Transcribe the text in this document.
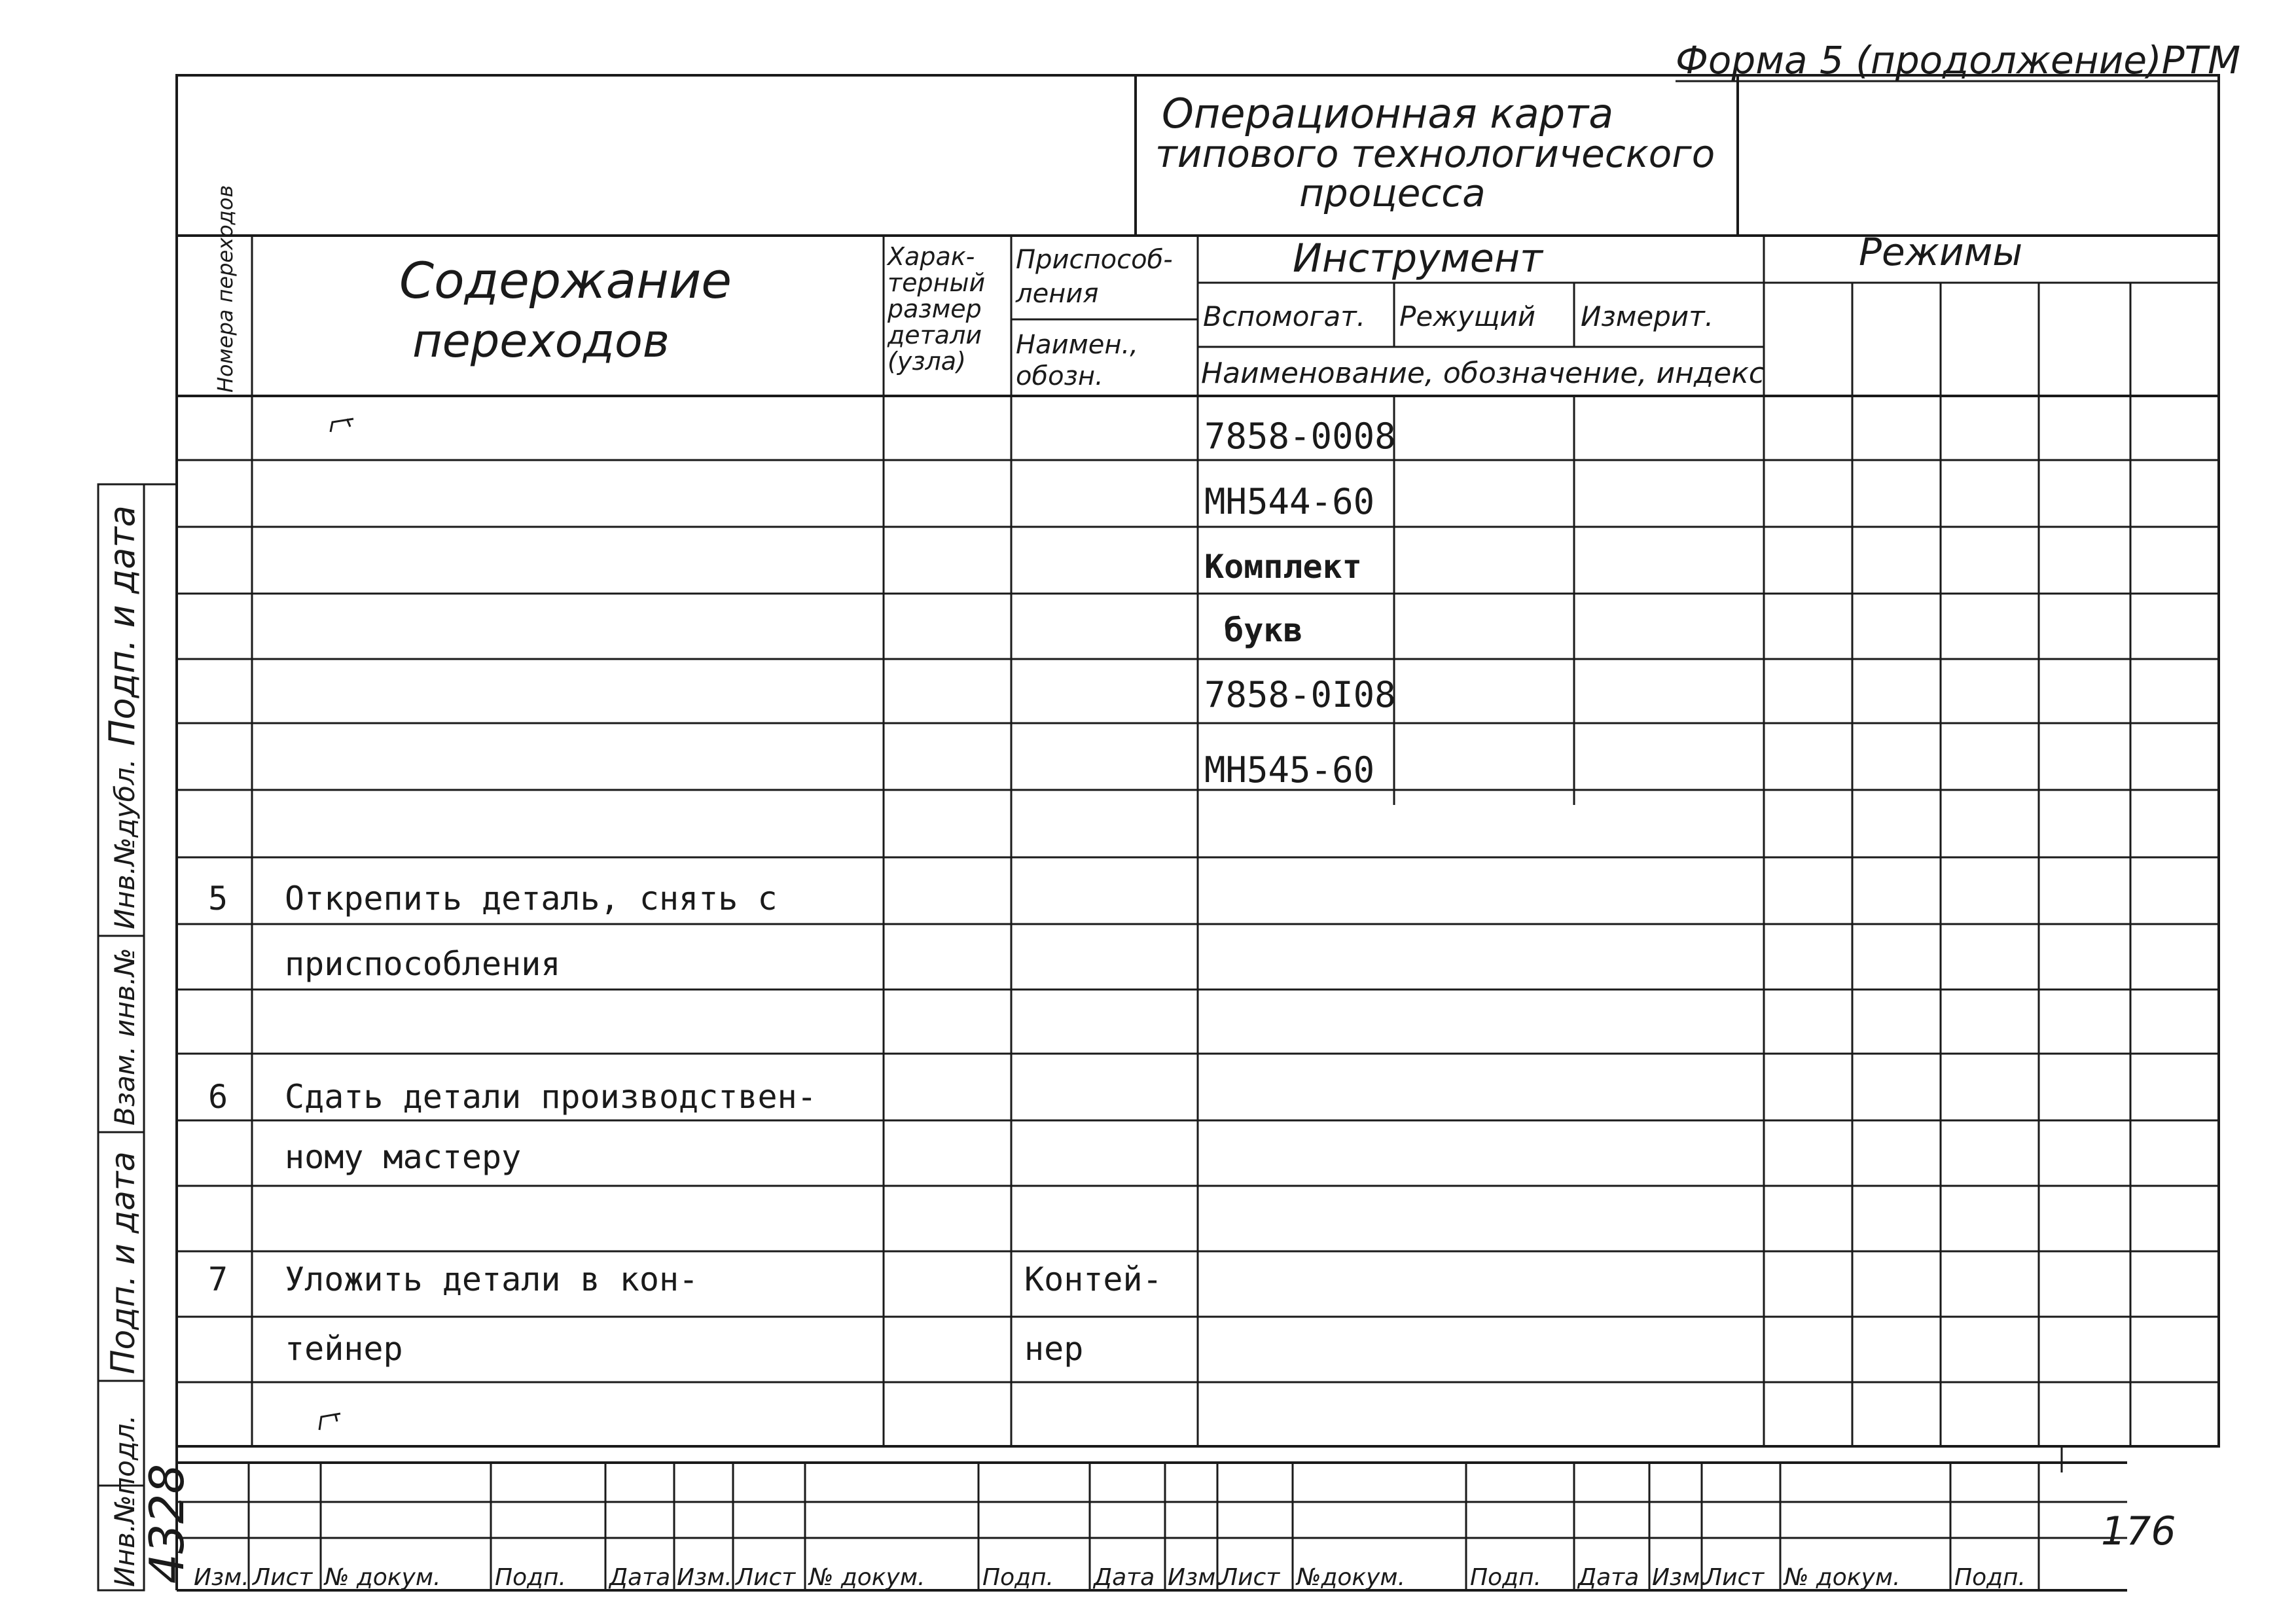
Форма 5 (продолжение)РТМ
176
Операционная карта
типового технологического
процесса
Номера переходов	Содержание
переходов
Харак- терный размер детали (узла)
Приспособ- ления
Наимен., обозн.
Инструмент
Вспомогат. Режущий Измерит.
Наименование, обозначение, индекс
Режимы
7858-0008
МН544-60
Комплект
букв
7858-0I08
МН545-60
5 Открепить деталь, снять с
приспособления
6 Сдать детали производствен-
ному мастеру
7 Уложить детали в кон-	Контей-
тейнер	нер
Инв.№подл.
Подп. и дата
Взам. инв.№
Инв.№дубл.
Подп. и дата
4328 Изм. Лист № докум. Подп. Дата Изм. Лист № докум. Подп. Дата Изм. Лист №докум.	Подп. Дата Изм. Лист № докум. Подп.
